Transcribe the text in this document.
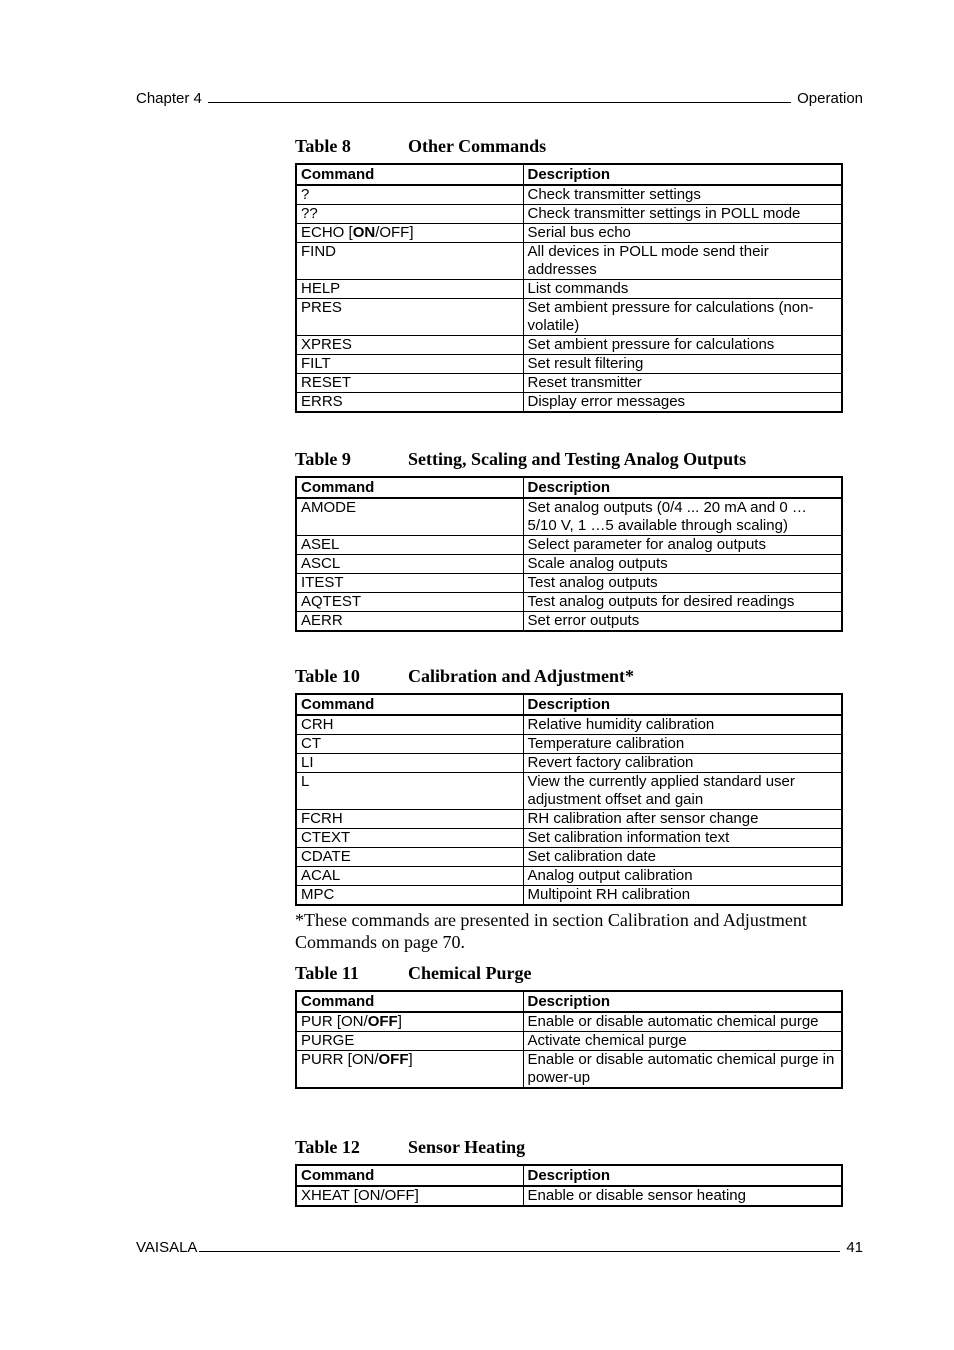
Chapter 4	Operation
Table 8	Other Commands
Command	Description
?	Check transmitter settings
??	Check transmitter settings in POLL mode
ECHO [ON/OFF]	Serial bus echo
FIND	All devices in POLL mode send their addresses
HELP	List commands
PRES	Set ambient pressure for calculations (non-volatile)
XPRES	Set ambient pressure for calculations
FILT	Set result filtering
RESET	Reset transmitter
ERRS	Display error messages
Table 9	Setting, Scaling and Testing Analog Outputs
Command	Description
AMODE	Set analog outputs (0/4 ... 20 mA and 0 … 5/10 V, 1 …5 available through scaling)
ASEL	Select parameter for analog outputs
ASCL	Scale analog outputs
ITEST	Test analog outputs
AQTEST	Test analog outputs for desired readings
AERR	Set error outputs
Table 10	Calibration and Adjustment*
Command	Description
CRH	Relative humidity calibration
CT	Temperature calibration
LI	Revert factory calibration
L	View the currently applied standard user adjustment offset and gain
FCRH	RH calibration after sensor change
CTEXT	Set calibration information text
CDATE	Set calibration date
ACAL	Analog output calibration
MPC	Multipoint RH calibration
*These commands are presented in section Calibration and Adjustment Commands on page 70.
Table 11	Chemical Purge
Command	Description
PUR [ON/OFF]	Enable or disable automatic chemical purge
PURGE	Activate chemical purge
PURR [ON/OFF]	Enable or disable automatic chemical purge in power-up
Table 12	Sensor Heating
Command	Description
XHEAT [ON/OFF]	Enable or disable sensor heating
VAISALA	41
